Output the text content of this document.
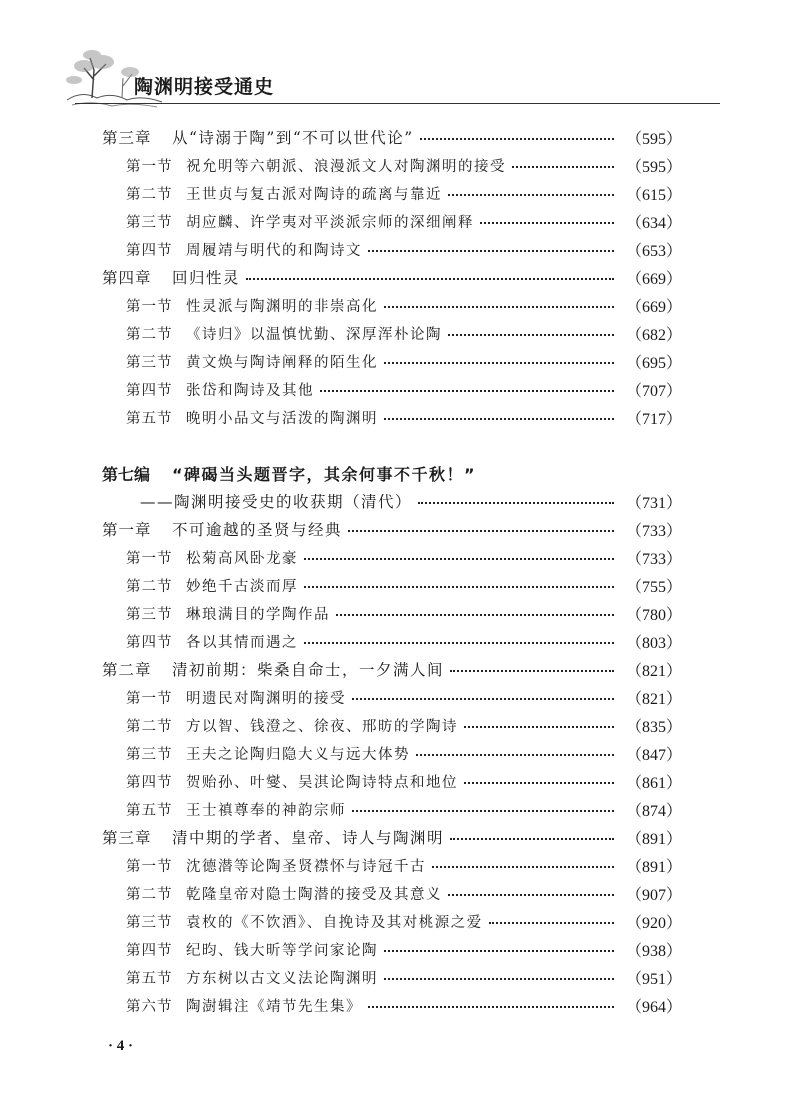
陶渊明接受通史
第三章	从“诗溺于陶”到“不可以世代论”	（595）
第一节 祝允明等六朝派、浪漫派文人对陶渊明的接受	（595）
第二节 王世贞与复古派对陶诗的疏离与靠近	（615）
第三节 胡应麟、许学夷对平淡派宗师的深细阐释	（634）
第四节 周履靖与明代的和陶诗文	（653）
第四章	回归性灵	（669）
第一节 性灵派与陶渊明的非崇高化	（669）
第二节 《诗归》以温慎忧勤、深厚浑朴论陶	（682）
第三节 黄文焕与陶诗阐释的陌生化	（695）
第四节 张岱和陶诗及其他	（707）
第五节 晚明小品文与活泼的陶渊明	（717）
第七编	“碑碣当头题晋字，其余何事不千秋！”
——陶渊明接受史的收获期（清代）	（731）
第一章	不可逾越的圣贤与经典	（733）
第一节 松菊高风卧龙豪	（733）
第二节 妙绝千古淡而厚	（755）
第三节 琳琅满目的学陶作品	（780）
第四节 各以其情而遇之	（803）
第二章	清初前期：柴桑自命士，一夕满人间	（821）
第一节 明遗民对陶渊明的接受	（821）
第二节 方以智、钱澄之、徐夜、邢昉的学陶诗	（835）
第三节 王夫之论陶归隐大义与远大体势	（847）
第四节 贺贻孙、叶燮、吴淇论陶诗特点和地位	（861）
第五节 王士禛尊奉的神韵宗师	（874）
第三章	清中期的学者、皇帝、诗人与陶渊明	（891）
第一节 沈德潜等论陶圣贤襟怀与诗冠千古	（891）
第二节 乾隆皇帝对隐士陶潜的接受及其意义	（907）
第三节 袁枚的《不饮酒》、自挽诗及其对桃源之爱	（920）
第四节 纪昀、钱大昕等学问家论陶	（938）
第五节 方东树以古文义法论陶渊明	（951）
第六节 陶澍辑注《靖节先生集》	（964）
· 4 ·
